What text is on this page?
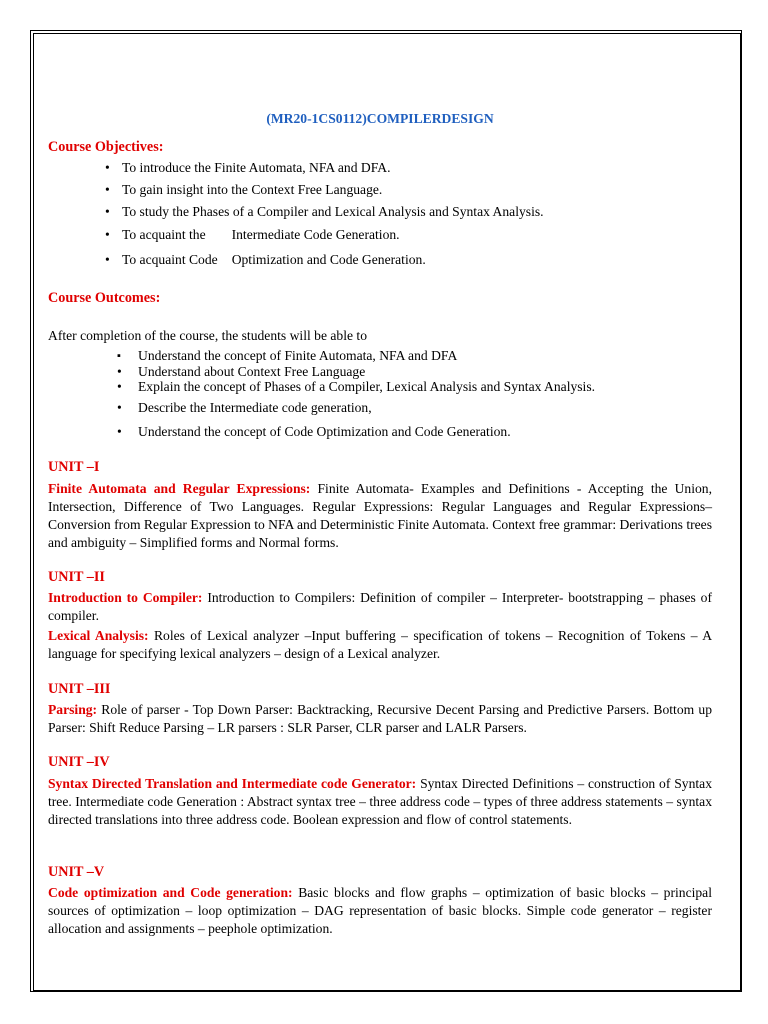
(MR20-1CS0112)COMPILERDESIGN
Course Objectives:
• To introduce the Finite Automata, NFA and DFA.
• To gain insight into the Context Free Language.
• To study the Phases of a Compiler and Lexical Analysis and Syntax Analysis.
• To acquaint the Intermediate Code Generation.
• To acquaint Code Optimization and Code Generation.
Course Outcomes:
After completion of the course, the students will be able to
▪ Understand the concept of Finite Automata, NFA and DFA
• Understand about Context Free Language
• Explain the concept of Phases of a Compiler, Lexical Analysis and Syntax Analysis.
• Describe the Intermediate code generation,
• Understand the concept of Code Optimization and Code Generation.
UNIT –I
Finite Automata and Regular Expressions: Finite Automata- Examples and Definitions - Accepting the Union, Intersection, Difference of Two Languages. Regular Expressions: Regular Languages and Regular Expressions– Conversion from Regular Expression to NFA and Deterministic Finite Automata. Context free grammar: Derivations trees and ambiguity – Simplified forms and Normal forms.
UNIT –II
Introduction to Compiler: Introduction to Compilers: Definition of compiler – Interpreter- bootstrapping – phases of compiler.
Lexical Analysis: Roles of Lexical analyzer –Input buffering – specification of tokens – Recognition of Tokens – A language for specifying lexical analyzers – design of a Lexical analyzer.
UNIT –III
Parsing: Role of parser - Top Down Parser: Backtracking, Recursive Decent Parsing and Predictive Parsers. Bottom up Parser: Shift Reduce Parsing – LR parsers : SLR Parser, CLR parser and LALR Parsers.
UNIT –IV
Syntax Directed Translation and Intermediate code Generator: Syntax Directed Definitions – construction of Syntax tree. Intermediate code Generation : Abstract syntax tree – three address code – types of three address statements – syntax directed translations into three address code. Boolean expression and flow of control statements.
UNIT –V
Code optimization and Code generation: Basic blocks and flow graphs – optimization of basic blocks – principal sources of optimization – loop optimization – DAG representation of basic blocks. Simple code generator – register allocation and assignments – peephole optimization.
